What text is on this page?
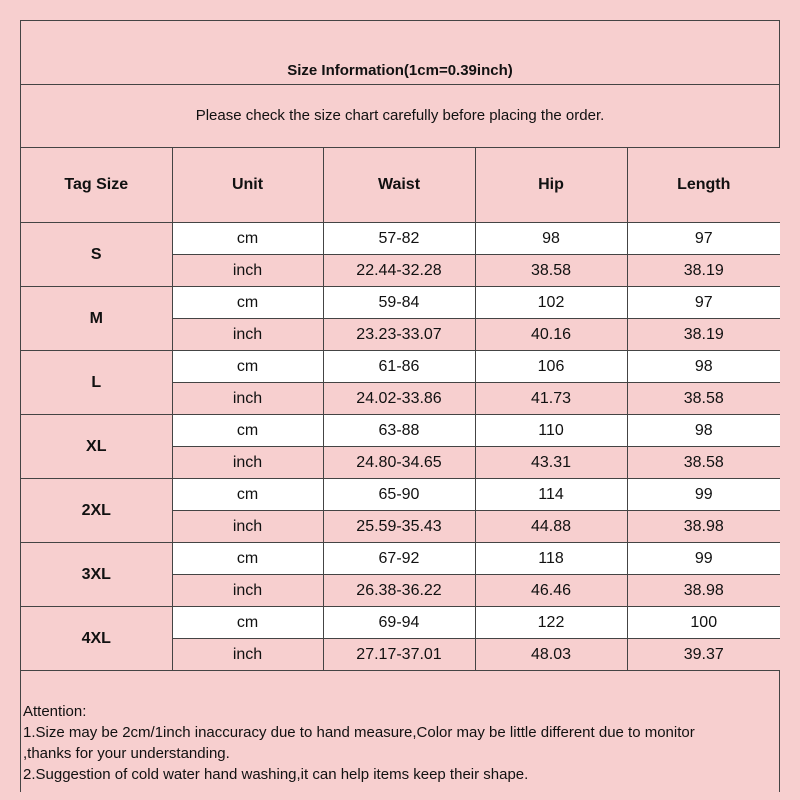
Size Information(1cm=0.39inch)
Please check the size chart carefully before placing the order.
Tag Size	Unit	Waist	Hip	Length
S	cm	57-82	98	97
	inch	22.44-32.28	38.58	38.19
M	cm	59-84	102	97
	inch	23.23-33.07	40.16	38.19
L	cm	61-86	106	98
	inch	24.02-33.86	41.73	38.58
XL	cm	63-88	110	98
	inch	24.80-34.65	43.31	38.58
2XL	cm	65-90	114	99
	inch	25.59-35.43	44.88	38.98
3XL	cm	67-92	118	99
	inch	26.38-36.22	46.46	38.98
4XL	cm	69-94	122	100
	inch	27.17-37.01	48.03	39.37
Attention:
1.Size may be 2cm/1inch inaccuracy due to hand measure,Color may be little different due to monitor
,thanks for your understanding.
2.Suggestion of cold water hand washing,it can help items keep their shape.
